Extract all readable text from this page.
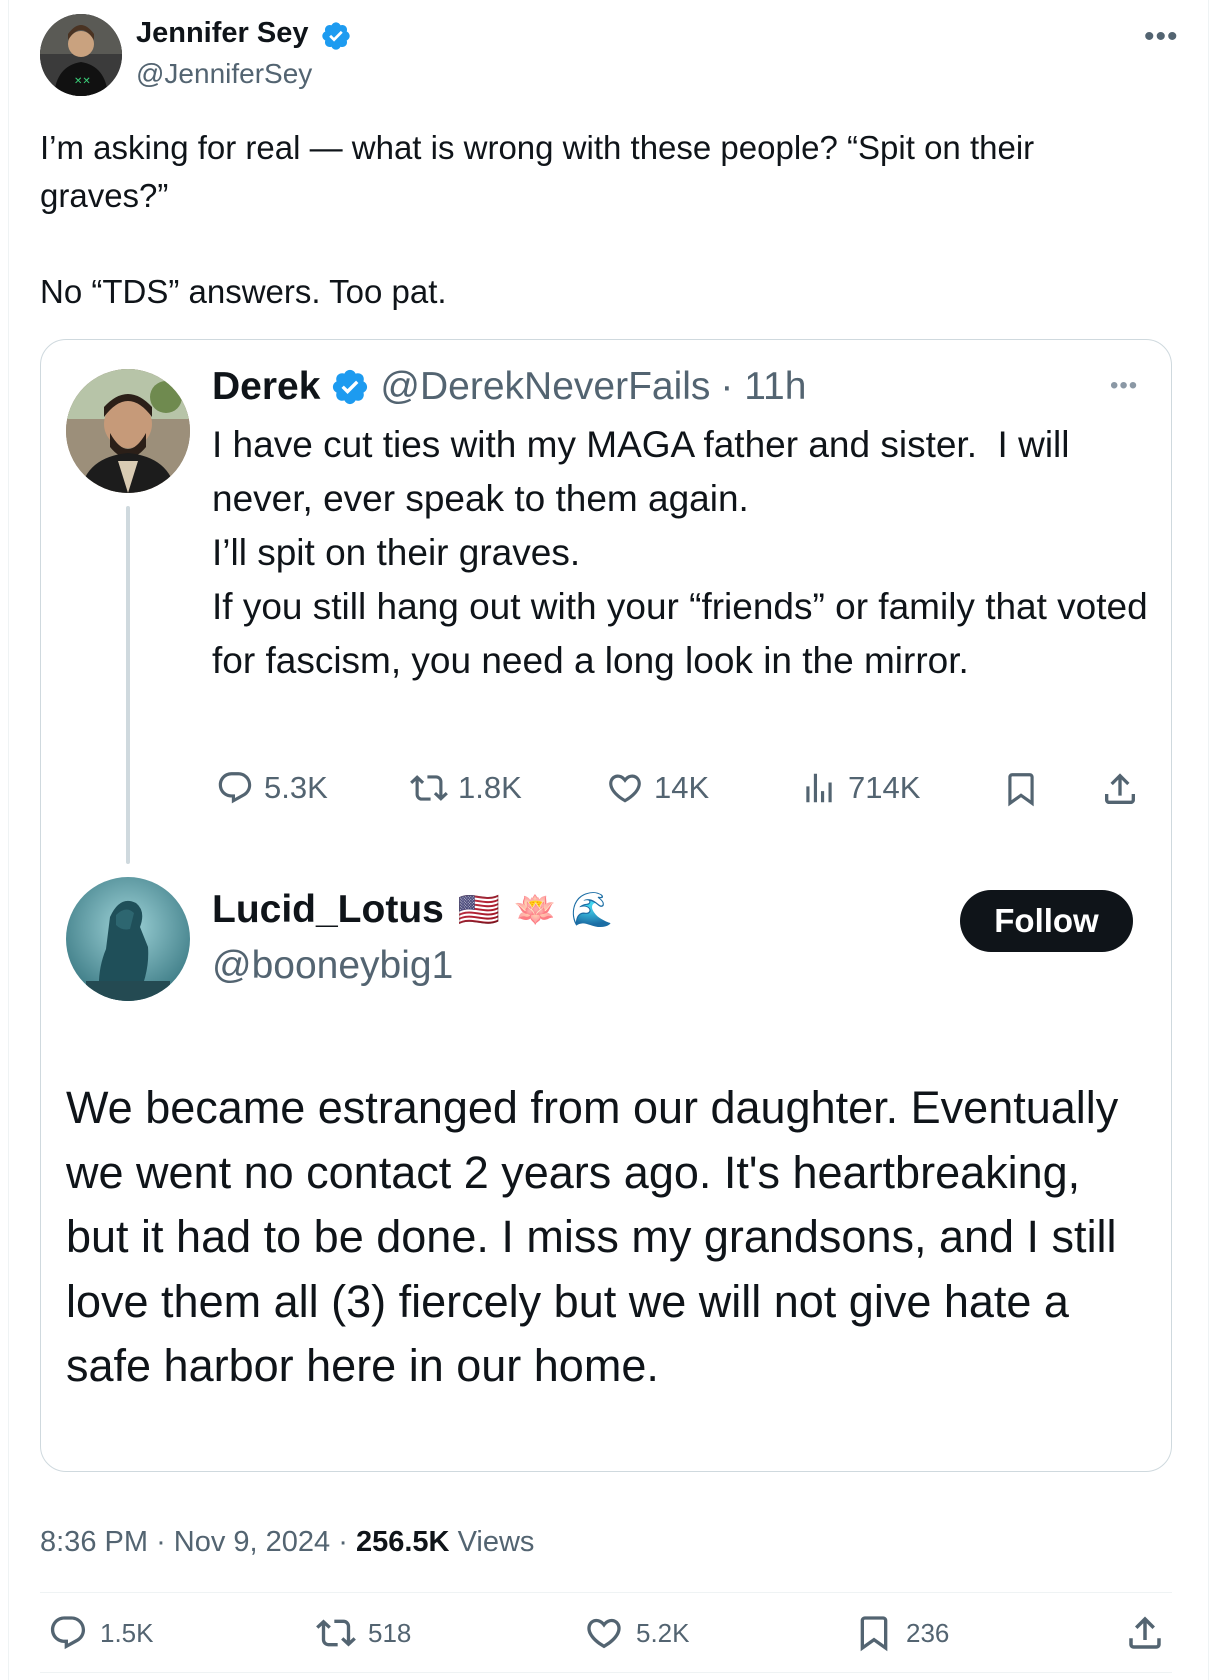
✕✕
Jennifer Sey
@JenniferSey
•••
I’m asking for real — what is wrong with these people? “Spit on their graves?”

No “TDS” answers. Too pat.
Derek @DerekNeverFails · 11h	•••
I have cut ties with my MAGA father and sister.  I will never, ever speak to them again.
I’ll spit on their graves.
If you still hang out with your “friends” or family that voted for fascism, you need a long look in the mirror.
5.3K	1.8K	14K	714K
Lucid_Lotus 🇺🇸 🪷 🌊
@booneybig1
Follow
We became estranged from our daughter. Eventually we went no contact 2 years ago. It's heartbreaking, but it had to be done. I miss my grandsons, and I still love them all (3) fiercely but we will not give hate a safe harbor here in our home.
8:36 PM · Nov 9, 2024 · 256.5K Views
1.5K	518	5.2K	236
